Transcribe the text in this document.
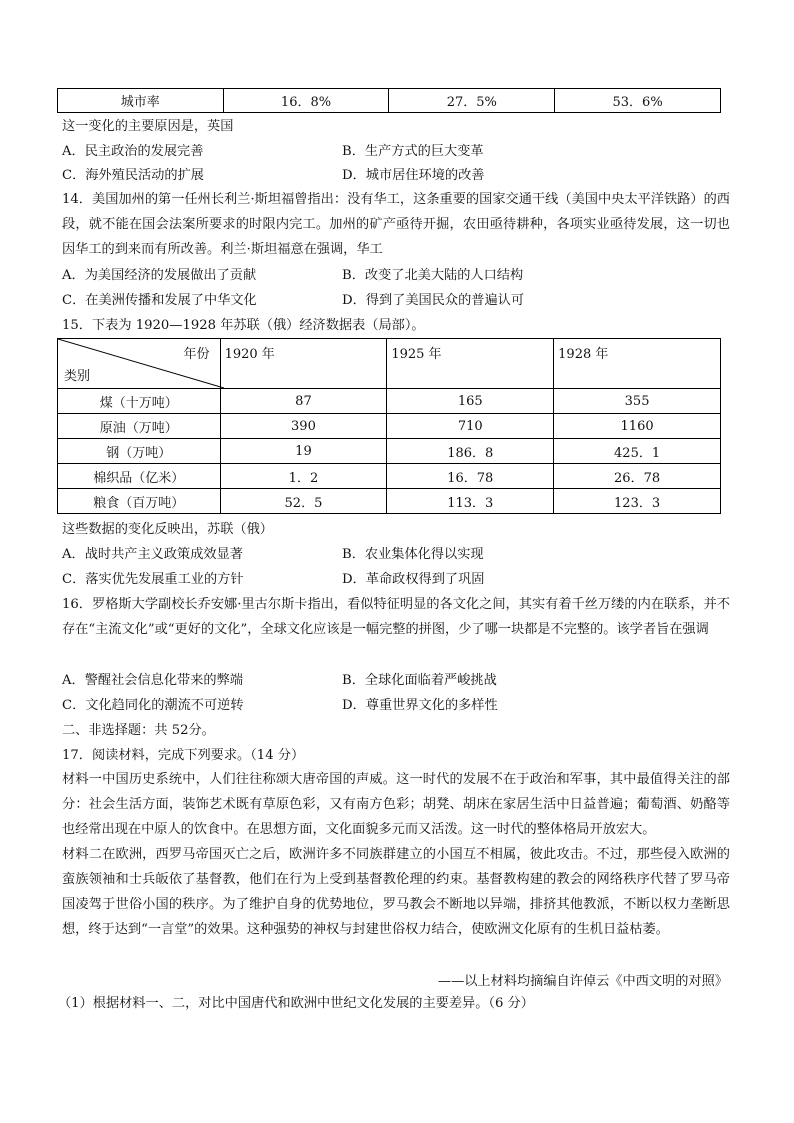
城市率	16．8%	27．5%	53．6%
这一变化的主要原因是，英国
A．民主政治的发展完善	B．生产方式的巨大变革
C．海外殖民活动的扩展	D．城市居住环境的改善
14．美国加州的第一任州长利兰·斯坦福曾指出：没有华工，这条重要的国家交通干线（美国中央太平洋铁路）的西段，就不能在国会法案所要求的时限内完工。加州的矿产亟待开掘，农田亟待耕种，各项实业亟待发展，这一切也因华工的到来而有所改善。利兰·斯坦福意在强调，华工
A．为美国经济的发展做出了贡献	B．改变了北美大陆的人口结构
C．在美洲传播和发展了中华文化	D．得到了美国民众的普遍认可
15．下表为 1920—1928 年苏联（俄）经济数据表（局部）。
年份
类别	1920 年	1925 年	1928 年
煤（十万吨）	87	165	355
原油（万吨）	390	710	1160
钢（万吨）	19	186．8	425．1
棉织品（亿米）	1．2	16．78	26．78
粮食（百万吨）	52．5	113．3	123．3
这些数据的变化反映出，苏联（俄）
A．战时共产主义政策成效显著	B．农业集体化得以实现
C．落实优先发展重工业的方针	D．革命政权得到了巩固
16．罗格斯大学副校长乔安娜·里古尔斯卡指出，看似特征明显的各文化之间，其实有着千丝万缕的内在联系，并不存在“主流文化”或“更好的文化”，全球文化应该是一幅完整的拼图，少了哪一块都是不完整的。该学者旨在强调
A．警醒社会信息化带来的弊端	B．全球化面临着严峻挑战
C．文化趋同化的潮流不可逆转	D．尊重世界文化的多样性
二、非选择题：共 52分。
17．阅读材料，完成下列要求。（14 分）
材料一中国历史系统中，人们往往称颂大唐帝国的声威。这一时代的发展不在于政治和军事，其中最值得关注的部分：社会生活方面，装饰艺术既有草原色彩，又有南方色彩；胡凳、胡床在家居生活中日益普遍；葡萄酒、奶酪等也经常出现在中原人的饮食中。在思想方面，文化面貌多元而又活泼。这一时代的整体格局开放宏大。
材料二在欧洲，西罗马帝国灭亡之后，欧洲许多不同族群建立的小国互不相属，彼此攻击。不过，那些侵入欧洲的蛮族领袖和士兵皈依了基督教，他们在行为上受到基督教伦理的约束。基督教构建的教会的网络秩序代替了罗马帝国凌驾于世俗小国的秩序。为了维护自身的优势地位，罗马教会不断地以异端，排挤其他教派，不断以权力垄断思想，终于达到“一言堂”的效果。这种强势的神权与封建世俗权力结合，使欧洲文化原有的生机日益枯萎。
——以上材料均摘编自许倬云《中西文明的对照》
（1）根据材料一、二，对比中国唐代和欧洲中世纪文化发展的主要差异。（6 分）
